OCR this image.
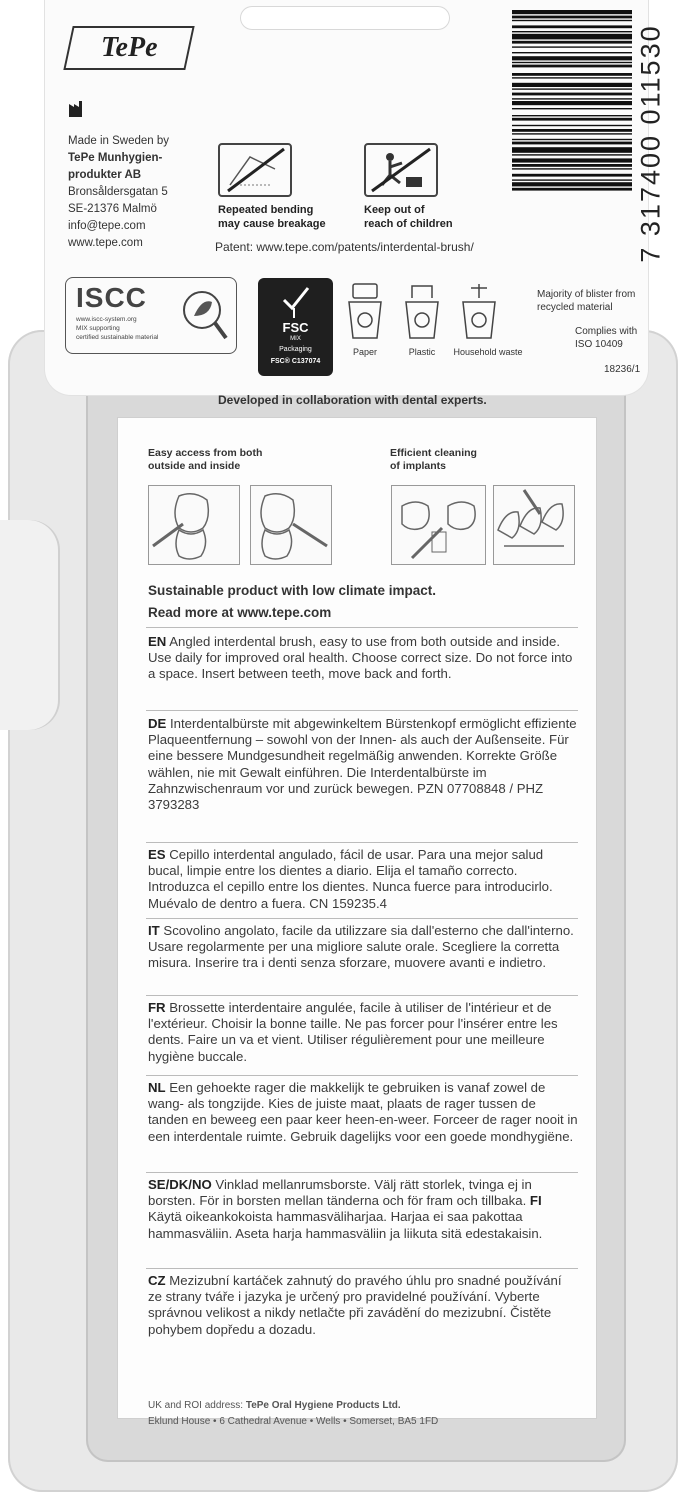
TePe	7 317400 011530
Made in Sweden by
TePe Munhygien-
produkter AB
Bronsåldersgatan 5
SE-21376 Malmö
info@tepe.com
www.tepe.com
Repeated bending
may cause breakage
Keep out of
reach of children
Patent: www.tepe.com/patents/interdental-brush/
ISCC
www.iscc-system.org
MIX supporting
certified sustainable material
FSC
MIX
Packaging
FSC® C137074
Paper	Plastic	Household waste
Majority of blister from
recycled material
Complies with
ISO 10409
18236/1
Developed in collaboration with dental experts.
Easy access from both
outside and inside
Efficient cleaning
of implants
Sustainable product with low climate impact.
Read more at www.tepe.com
EN Angled interdental brush, easy to use from both outside and inside. Use daily for improved oral health. Choose correct size. Do not force into a space. Insert between teeth, move back and forth.
DE Interdentalbürste mit abgewinkeltem Bürstenkopf ermöglicht effiziente Plaqueentfernung – sowohl von der Innen- als auch der Außenseite. Für eine bessere Mundgesundheit regelmäßig anwenden. Korrekte Größe wählen, nie mit Gewalt einführen. Die Interdentalbürste im Zahnzwischenraum vor und zurück bewegen. PZN 07708848 / PHZ 3793283
ES Cepillo interdental angulado, fácil de usar. Para una mejor salud bucal, limpie entre los dientes a diario. Elija el tamaño correcto. Introduzca el cepillo entre los dientes. Nunca fuerce para introducirlo. Muévalo de dentro a fuera. CN 159235.4
IT Scovolino angolato, facile da utilizzare sia dall'esterno che dall'interno. Usare regolarmente per una migliore salute orale. Scegliere la corretta misura. Inserire tra i denti senza sforzare, muovere avanti e indietro.
FR Brossette interdentaire angulée, facile à utiliser de l'intérieur et de l'extérieur. Choisir la bonne taille. Ne pas forcer pour l'insérer entre les dents. Faire un va et vient. Utiliser régulièrement pour une meilleure hygiène buccale.
NL Een gehoekte rager die makkelijk te gebruiken is vanaf zowel de wang- als tongzijde. Kies de juiste maat, plaats de rager tussen de tanden en beweeg een paar keer heen-en-weer. Forceer de rager nooit in een interdentale ruimte. Gebruik dagelijks voor een goede mondhygiëne.
SE/DK/NO Vinklad mellanrumsborste. Välj rätt storlek, tvinga ej in borsten. För in borsten mellan tänderna och för fram och tillbaka. FI Käytä oikeankokoista hammasväliharjaa. Harjaa ei saa pakottaa hammasväliin. Aseta harja hammasväliin ja liikuta sitä edestakaisin.
CZ Mezizubní kartáček zahnutý do pravého úhlu pro snadné používání ze strany tváře i jazyka je určený pro pravidelné používání. Vyberte správnou velikost a nikdy netlačte při zavádění do mezizubní. Čistěte pohybem dopředu a dozadu.
UK and ROI address: TePe Oral Hygiene Products Ltd.
Eklund House • 6 Cathedral Avenue • Wells • Somerset, BA5 1FD
